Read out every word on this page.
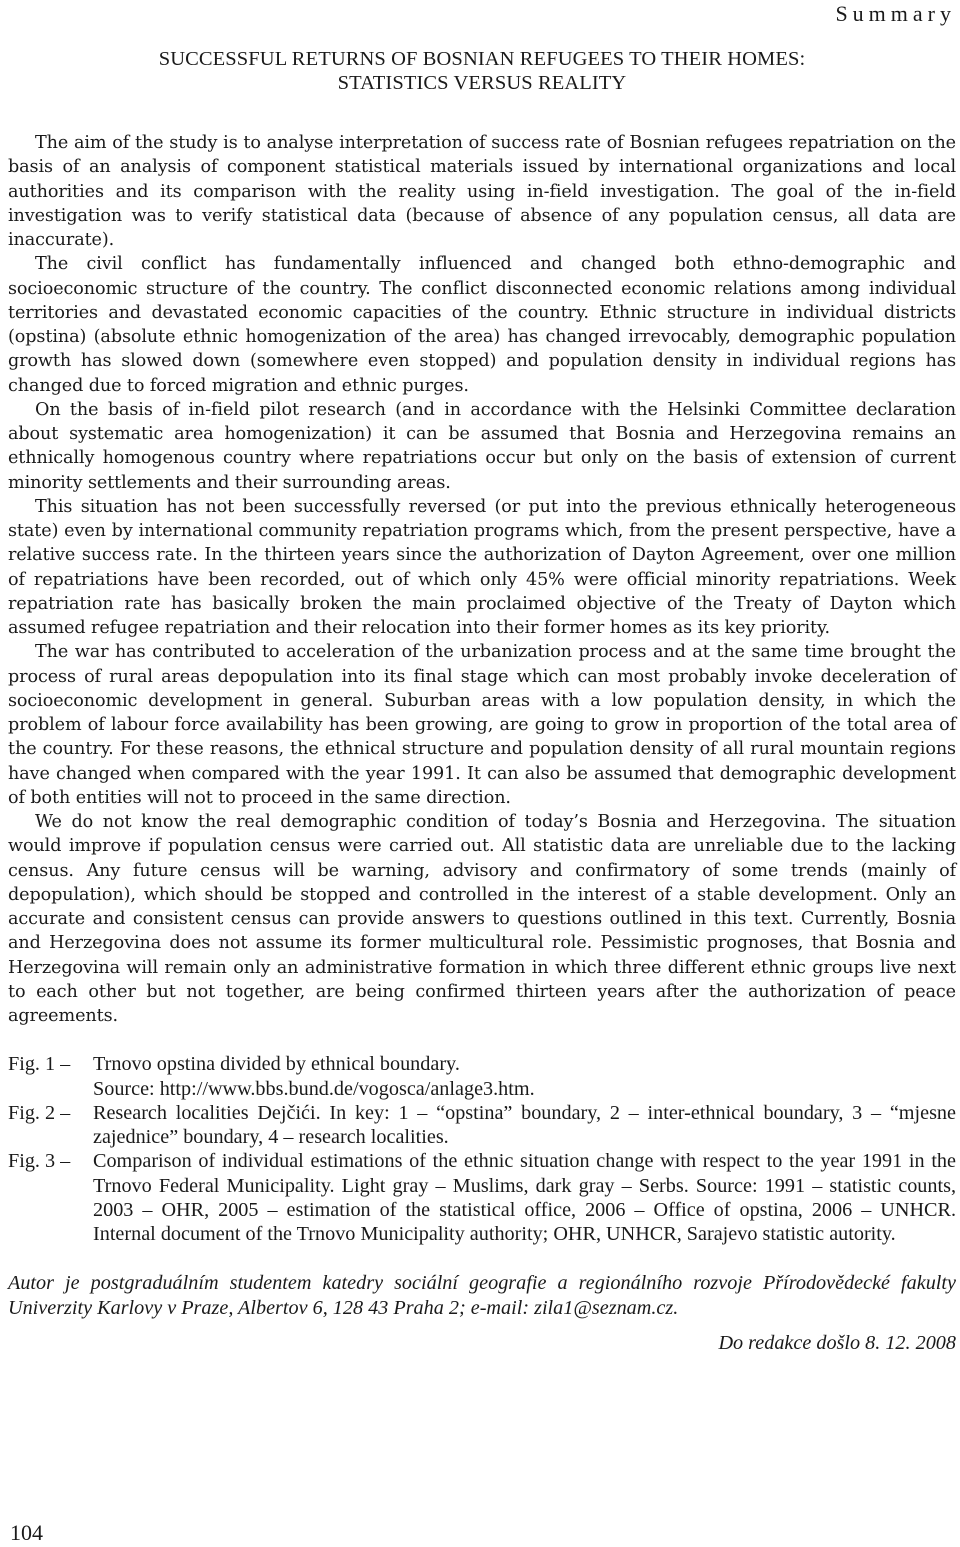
Summary
SUCCESSFUL RETURNS OF BOSNIAN REFUGEES TO THEIR HOMES:
STATISTICS VERSUS REALITY

The aim of the study is to analyse interpretation of success rate of Bosnian refugees repatriation on the basis of an analysis of component statistical materials issued by international organizations and local authorities and its comparison with the reality using in-field investigation. The goal of the in-field investigation was to verify statistical data (because of absence of any population census, all data are inaccurate).

The civil conflict has fundamentally influenced and changed both ethno-demographic and socioeconomic structure of the country. The conflict disconnected economic relations among individual territories and devastated economic capacities of the country. Ethnic structure in individual districts (opstina) (absolute ethnic homogenization of the area) has changed irrevocably, demographic population growth has slowed down (somewhere even stopped) and population density in individual regions has changed due to forced migration and ethnic purges.

On the basis of in-field pilot research (and in accordance with the Helsinki Committee declaration about systematic area homogenization) it can be assumed that Bosnia and Herzegovina remains an ethnically homogenous country where repatriations occur but only on the basis of extension of current minority settlements and their surrounding areas.

This situation has not been successfully reversed (or put into the previous ethnically heterogeneous state) even by international community repatriation programs which, from the present perspective, have a relative success rate. In the thirteen years since the authorization of Dayton Agreement, over one million of repatriations have been recorded, out of which only 45% were official minority repatriations. Week repatriation rate has basically broken the main proclaimed objective of the Treaty of Dayton which assumed refugee repatriation and their relocation into their former homes as its key priority.

The war has contributed to acceleration of the urbanization process and at the same time brought the process of rural areas depopulation into its final stage which can most probably invoke deceleration of socioeconomic development in general. Suburban areas with a low population density, in which the problem of labour force availability has been growing, are going to grow in proportion of the total area of the country. For these reasons, the ethnical structure and population density of all rural mountain regions have changed when compared with the year 1991. It can also be assumed that demographic development of both entities will not to proceed in the same direction.

We do not know the real demographic condition of today’s Bosnia and Herzegovina. The situation would improve if population census were carried out. All statistic data are unreliable due to the lacking census. Any future census will be warning, advisory and confirmatory of some trends (mainly of depopulation), which should be stopped and controlled in the interest of a stable development. Only an accurate and consistent census can provide answers to questions outlined in this text. Currently, Bosnia and Herzegovina does not assume its former multicultural role. Pessimistic prognoses, that Bosnia and Herzegovina will remain only an administrative formation in which three different ethnic groups live next to each other but not together, are being confirmed thirteen years after the authorization of peace agreements.

Fig. 1 –	Trnovo opstina divided by ethnical boundary.
Source: http://www.bbs.bund.de/vogosca/anlage3.htm.
Fig. 2 –	Research localities Dejčići. In key: 1 – “opstina” boundary, 2 – inter-ethnical boundary, 3 – “mjesne zajednice” boundary, 4 – research localities.
Fig. 3 –	Comparison of individual estimations of the ethnic situation change with respect to the year 1991 in the Trnovo Federal Municipality. Light gray – Muslims, dark gray – Serbs. Source: 1991 – statistic counts, 2003 – OHR, 2005 – estimation of the statistical office, 2006 – Office of opstina, 2006 – UNHCR. Internal document of the Trnovo Municipality authority; OHR, UNHCR, Sarajevo statistic autority.
Autor je postgraduálním studentem katedry sociální geografie a regionálního rozvoje Přírodovědecké fakulty Univerzity Karlovy v Praze, Albertov 6, 128 43 Praha 2; e-mail: zila1@seznam.cz.
Do redakce došlo 8. 12. 2008
104
